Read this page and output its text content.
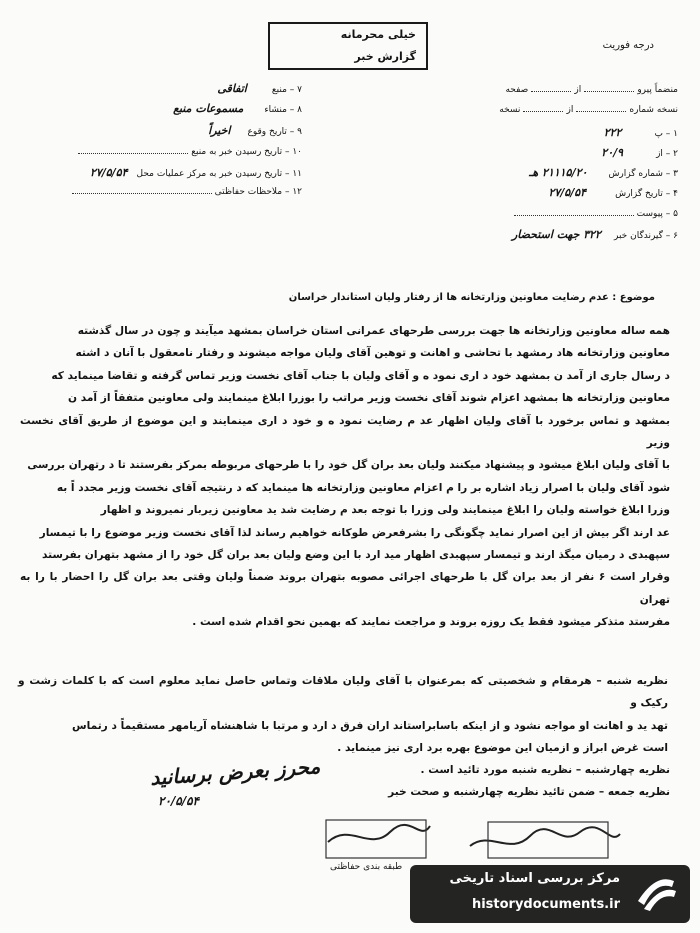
خیلی محرمانه
گزارش خبر
درجه فوریت
۷ – منبع اتفاقی
۸ – منشاء مسموعات منبع
۹ – تاریخ وقوع اخیراً
۱۰ – تاریخ رسیدن خبر به منبع
۱۱ – تاریخ رسیدن خبر به مرکز عملیات محل ۲۷/۵/۵۴
۱۲ – ملاحظات حفاظتی
منضماً پیرو  از  صفحه
نسخه شماره  از  نسخه
۱ – پ ۲۲۲
۲ – از ۲۰/۹
۳ – شماره گزارش ۲۱۱۱۵/۲۰ هـ
۴ – تاریخ گزارش ۲۷/۵/۵۴
۵ – پیوست
۶ – گیرندگان خبر ۳۲۲ جهت استحضار
موضوع : عدم رضایت معاونین وزارتخانه ها از رفتار ولیان استاندار خراسان
همه ساله معاونین وزارتخانه ها جهت بررسی طرحهای عمرانی استان خراسان بمشهد میآیند و چون در سال گذشته
معاونین وزارتخانه هاد رمشهد با تحاشی و اهانت و توهین آقای ولیان مواجه میشوند و رفتار نامعقول با آنان د اشته
د رسال جاری از آمد ن بمشهد خود د اری نمود ه و آقای ولیان با جناب آقای نخست وزیر تماس گرفته و تقاضا مینماید که
معاونین وزارتخانه ها بمشهد اعزام شوند آقای نخست وزیر مراتب را بوزرا ابلاغ مینمایند ولی معاونین متفقاً از آمد ن
بمشهد و تماس برخورد با آقای ولیان اظهار عد م رضایت نمود ه و خود د اری مینمایند و این موضوع از طریق آقای نخست وزیر
با آقای ولیان ابلاغ میشود و پیشنهاد میکنند ولیان بعد بران گل خود را با طرحهای مربوطه بمرکز بفرستند تا د رتهران بررسی
شود آقای ولیان با اصرار زیاد اشاره بر را م اعزام معاونین وزارتخانه ها مینماید که د رنتیجه آقای نخست وزیر مجدد اً به
وزرا ابلاغ خواسته ولیان را ابلاغ مینمایند ولی وزرا با توجه بعد م رضایت شد ید معاونین زیربار نمیروند و اظهار
عد ارند اگر بیش از این اصرار نماید چگونگی را بشرفعرض طوکانه خواهیم رساند لذا آقای نخست وزیر موضوع را با تیمسار
سپهبدی د رمیان میگذ ارند و تیمسار سپهبدی اظهار مید ارد با این وضع ولیان بعد بران گل خود را از مشهد بتهران بفرستد
وقرار است ۶ نفر از بعد بران گل با طرحهای اجرائی مصوبه بتهران بروند ضمناً ولیان وقتی بعد بران گل را احضار با را به تهران
مفرستد متذکر میشود فقط یک روزه بروند و مراجعت نمایند که بهمین نحو اقدام شده است .
نظریه شنبه – هرمقام و شخصیتی که بمرعنوان با آقای ولیان ملاقات وتماس حاصل نماید معلوم است که با کلمات زشت و رکیک و
تهد ید و اهانت او مواجه نشود و از اینکه باسابراستاند اران فرق د ارد و مرتبا با شاهنشاه آریامهر مستقیماً د رتماس
است غرض ابراز و ازمیان این موضوع بهره برد اری نیز مینماید .
نظریه چهارشنبه – نظریه شنبه مورد تائید است .
نظریه جمعه – ضمن تائید نظریه چهارشنبه و صحت خبر
محرز بعرض برسانید
۲۰/۵/۵۴
طبقه بندی حفاظتی
مرکز بررسی اسناد تاریخی
historydocuments.ir
